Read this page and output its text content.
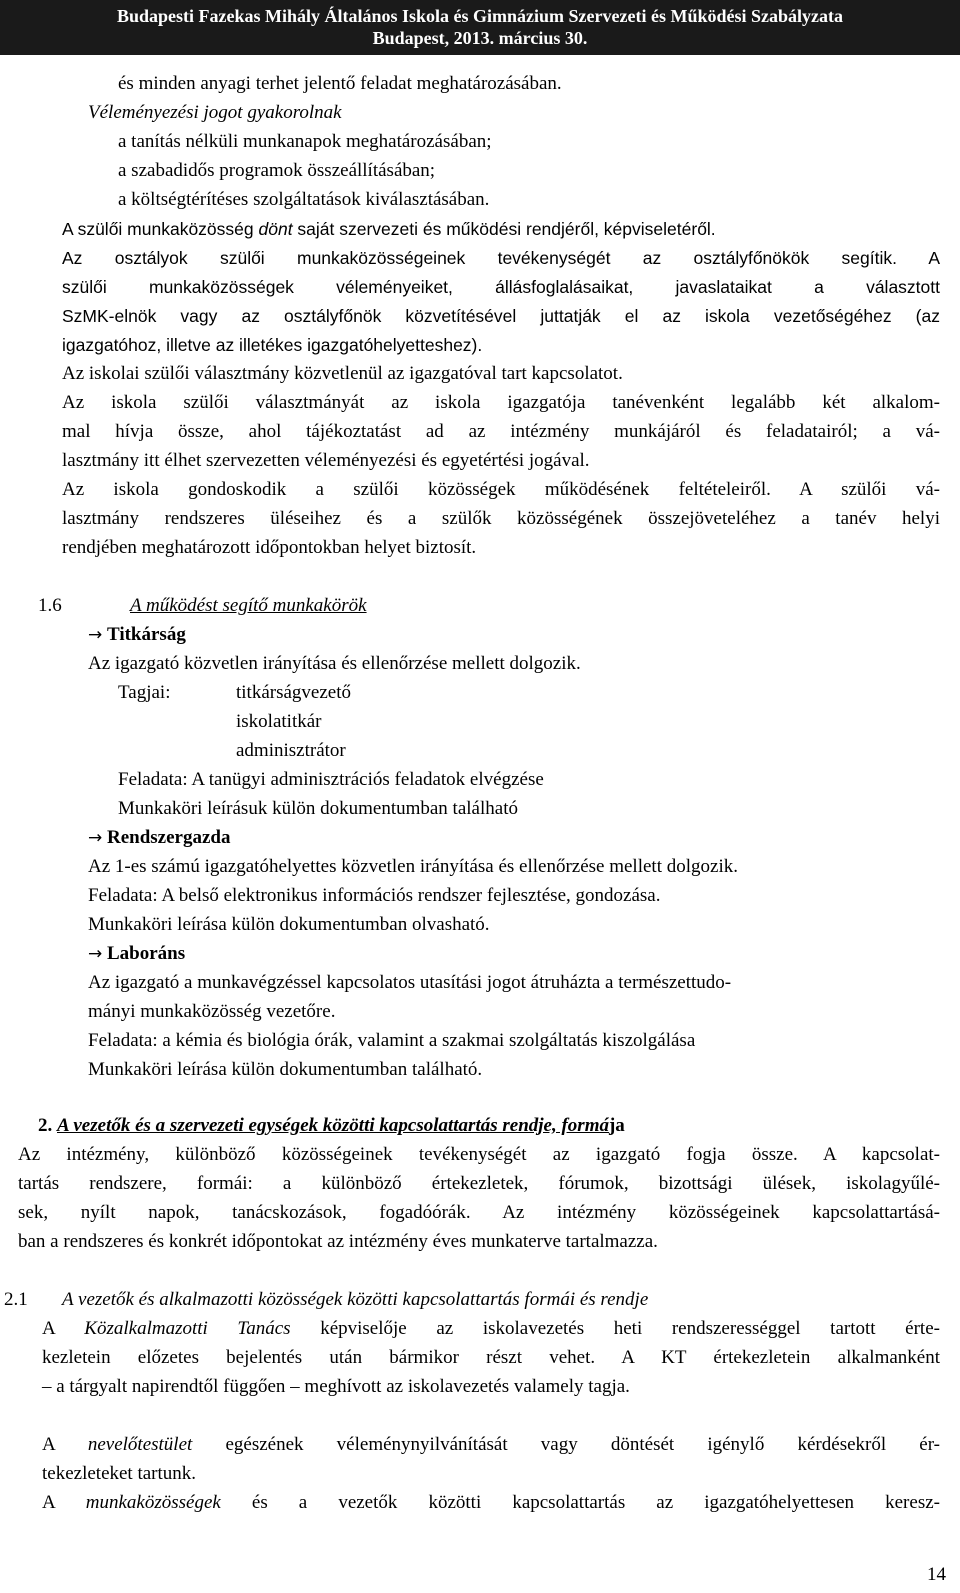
Budapesti Fazekas Mihály Általános Iskola és Gimnázium Szervezeti és Működési Szabályzata
Budapest, 2013. március 30.
és minden anyagi terhet jelentő feladat meghatározásában.
Véleményezési jogot gyakorolnak
a tanítás nélküli munkanapok meghatározásában;
a szabadidős programok összeállításában;
a költségtérítéses szolgáltatások kiválasztásában.
A szülői munkaközösség dönt saját szervezeti és működési rendjéről, képviseletéről.
Az osztályok szülői munkaközösségeinek tevékenységét az osztályfőnökök segítik. A
szülői munkaközösségek véleményeiket, állásfoglalásaikat, javaslataikat a választott
SzMK-elnök vagy az osztályfőnök közvetítésével juttatják el az iskola vezetőségéhez (az
igazgatóhoz, illetve az illetékes igazgatóhelyetteshez).
Az iskolai szülői választmány közvetlenül az igazgatóval tart kapcsolatot.
Az iskola szülői választmányát az iskola igazgatója tanévenként legalább két alkalom-
mal hívja össze, ahol tájékoztatást ad az intézmény munkájáról és feladatairól; a vá-
lasztmány itt élhet szervezetten véleményezési és egyetértési jogával.
Az iskola gondoskodik a szülői közösségek működésének feltételeiről. A szülői vá-
lasztmány rendszeres üléseihez és a szülők közösségének összejöveteléhez a tanév helyi
rendjében meghatározott időpontokban helyet biztosít.
1.6	A működést segítő munkakörök
→ Titkárság
Az igazgató közvetlen irányítása és ellenőrzése mellett dolgozik.
Tagjai:	titkárságvezető
iskolatitkár
adminisztrátor
Feladata: A tanügyi adminisztrációs feladatok elvégzése
Munkaköri leírásuk külön dokumentumban található
→ Rendszergazda
Az 1-es számú igazgatóhelyettes közvetlen irányítása és ellenőrzése mellett dolgozik.
Feladata: A belső elektronikus információs rendszer fejlesztése, gondozása.
Munkaköri leírása külön dokumentumban olvasható.
→ Laboráns
Az igazgató a munkavégzéssel kapcsolatos utasítási jogot átruházta a természettudo-
mányi munkaközösség vezetőre.
Feladata: a kémia és biológia órák, valamint a szakmai szolgáltatás kiszolgálása
Munkaköri leírása külön dokumentumban található.
2. A vezetők és a szervezeti egységek közötti kapcsolattartás rendje, formája
Az intézmény, különböző közösségeinek tevékenységét az igazgató fogja össze. A kapcsolat-
tartás rendszere, formái: a különböző értekezletek, fórumok, bizottsági ülések, iskolagyűlé-
sek, nyílt napok, tanácskozások, fogadóórák. Az intézmény közösségeinek kapcsolattartásá-
ban a rendszeres és konkrét időpontokat az intézmény éves munkaterve tartalmazza.
2.1 A vezetők és alkalmazotti közösségek közötti kapcsolattartás formái és rendje
A Közalkalmazotti Tanács képviselője az iskolavezetés heti rendszerességgel tartott érte-
kezletein előzetes bejelentés után bármikor részt vehet. A KT értekezletein alkalmanként
– a tárgyalt napirendtől függően – meghívott az iskolavezetés valamely tagja.
A nevelőtestület egészének véleménynyilvánítását vagy döntését igénylő kérdésekről ér-
tekezleteket tartunk.
A munkaközösségek és a vezetők közötti kapcsolattartás az igazgatóhelyettesen keresz-
14
